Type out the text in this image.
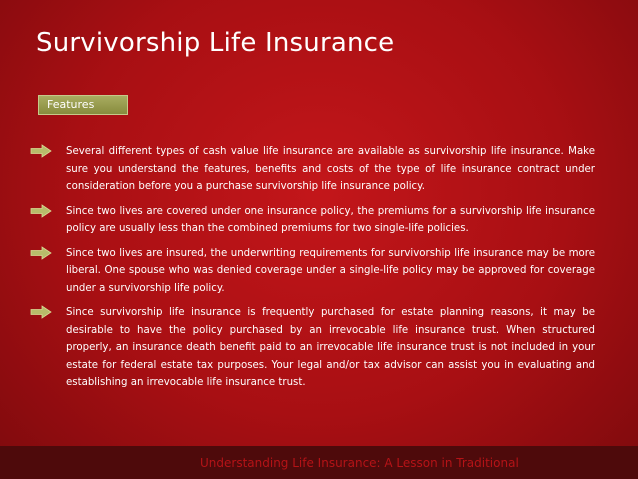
Survivorship Life Insurance
Features
Several different types of cash value life insurance are available as survivorship life insurance. Make sure you understand the features, benefits and costs of the type of life insurance contract under consideration before you a purchase survivorship life insurance policy.
Since two lives are covered under one insurance policy, the premiums for a survivorship life insurance policy are usually less than the combined premiums for two single-life policies.
Since two lives are insured, the underwriting requirements for survivorship life insurance may be more liberal. One spouse who was denied coverage under a single-life policy may be approved for coverage under a survivorship life policy.
Since survivorship life insurance is frequently purchased for estate planning reasons, it may be desirable to have the policy purchased by an irrevocable life insurance trust. When structured properly, an insurance death benefit paid to an irrevocable life insurance trust is not included in your estate for federal estate tax purposes. Your legal and/or tax advisor can assist you in evaluating and establishing an irrevocable life insurance trust.
Understanding Life Insurance: A Lesson in Traditional
